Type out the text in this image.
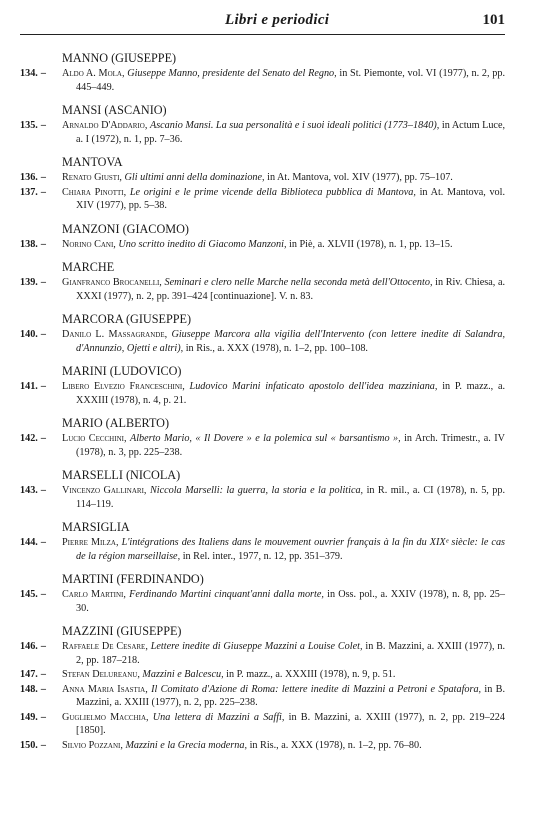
Libri e periodici	101
MANNO (GIUSEPPE)
134. – Aldo A. Mola, Giuseppe Manno, presidente del Senato del Regno, in St. Piemonte, vol. VI (1977), n. 2, pp. 445–449.
MANSI (ASCANIO)
135. – Arnaldo D'Addario, Ascanio Mansi. La sua personalità e i suoi ideali politici (1773–1840), in Actum Luce, a. I (1972), n. 1, pp. 7–36.
MANTOVA
136. – Renato Giusti, Gli ultimi anni della dominazione, in At. Mantova, vol. XIV (1977), pp. 75–107.
137. – Chiara Pinotti, Le origini e le prime vicende della Biblioteca pubblica di Mantova, in At. Mantova, vol. XIV (1977), pp. 5–38.
MANZONI (GIACOMO)
138. – Norino Cani, Uno scritto inedito di Giacomo Manzoni, in Piè, a. XLVII (1978), n. 1, pp. 13–15.
MARCHE
139. – Gianfranco Brocanelli, Seminari e clero nelle Marche nella seconda metà dell'Ottocento, in Riv. Chiesa, a. XXXI (1977), n. 2, pp. 391–424 [continuazione]. V. n. 83.
MARCORA (GIUSEPPE)
140. – Danilo L. Massagrande, Giuseppe Marcora alla vigilia dell'Intervento (con lettere inedite di Salandra, d'Annunzio, Ojetti e altri), in Ris., a. XXX (1978), n. 1–2, pp. 100–108.
MARINI (LUDOVICO)
141. – Libero Elvezio Franceschini, Ludovico Marini infaticato apostolo dell'idea mazziniana, in P. mazz., a. XXXIII (1978), n. 4, p. 21.
MARIO (ALBERTO)
142. – Lucio Cecchini, Alberto Mario, « Il Dovere » e la polemica sul « barsantismo », in Arch. Trimestr., a. IV (1978), n. 3, pp. 225–238.
MARSELLI (NICOLA)
143. – Vincenzo Gallinari, Niccola Marselli: la guerra, la storia e la politica, in R. mil., a. CI (1978), n. 5, pp. 114–119.
MARSIGLIA
144. – Pierre Milza, L'intégrations des Italiens dans le mouvement ouvrier français à la fin du XIXᵉ siècle: le cas de la région marseillaise, in Rel. inter., 1977, n. 12, pp. 351–379.
MARTINI (FERDINANDO)
145. – Carlo Martini, Ferdinando Martini cinquant'anni dalla morte, in Oss. pol., a. XXIV (1978), n. 8, pp. 25–30.
MAZZINI (GIUSEPPE)
146. – Raffaele De Cesare, Lettere inedite di Giuseppe Mazzini a Louise Colet, in B. Mazzini, a. XXIII (1977), n. 2, pp. 187–218.
147. – Stefan Delureanu, Mazzini e Balcescu, in P. mazz., a. XXXIII (1978), n. 9, p. 51.
148. – Anna Maria Isastia, Il Comitato d'Azione di Roma: lettere inedite di Mazzini a Petroni e Spatafora, in B. Mazzini, a. XXIII (1977), n. 2, pp. 225–238.
149. – Guglielmo Macchia, Una lettera di Mazzini a Saffi, in B. Mazzini, a. XXIII (1977), n. 2, pp. 219–224 [1850].
150. – Silvio Pozzani, Mazzini e la Grecia moderna, in Ris., a. XXX (1978), n. 1–2, pp. 76–80.
